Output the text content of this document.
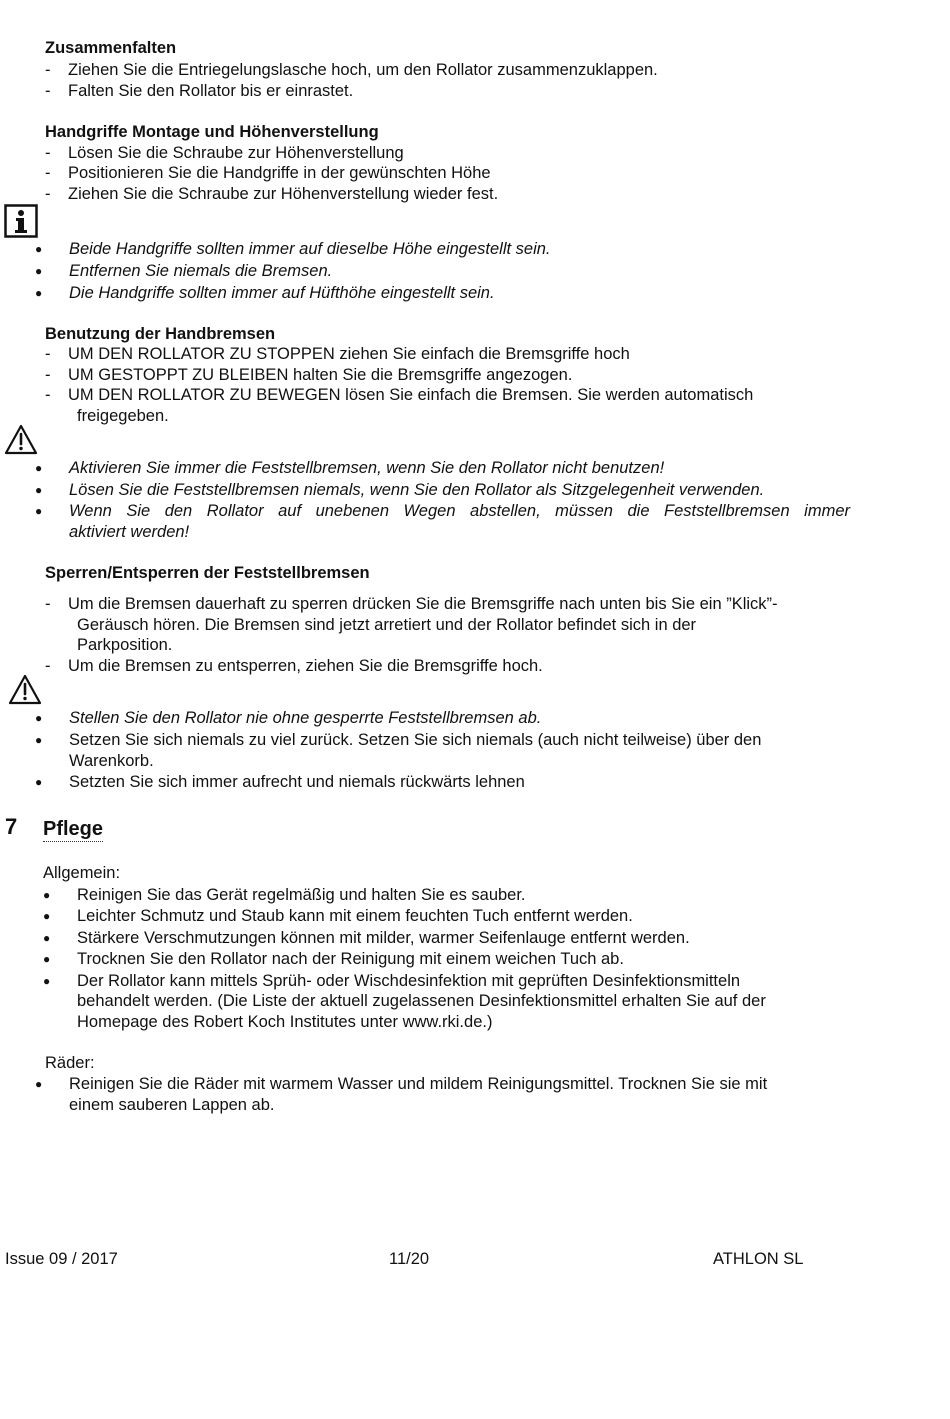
Zusammenfalten
- Ziehen Sie die Entriegelungslasche hoch, um den Rollator zusammenzuklappen.
- Falten Sie den Rollator bis er einrastet.
Handgriffe Montage und Höhenverstellung
- Lösen Sie die Schraube zur Höhenverstellung
- Positionieren Sie die Handgriffe in der gewünschten Höhe
- Ziehen Sie die Schraube zur Höhenverstellung wieder fest.
● Beide Handgriffe sollten immer auf dieselbe Höhe eingestellt sein.
● Entfernen Sie niemals die Bremsen.
● Die Handgriffe sollten immer auf Hüfthöhe eingestellt sein.
Benutzung der Handbremsen
- UM DEN ROLLATOR ZU STOPPEN ziehen Sie einfach die Bremsgriffe hoch
- UM GESTOPPT ZU BLEIBEN halten Sie die Bremsgriffe angezogen.
- UM DEN ROLLATOR ZU BEWEGEN lösen Sie einfach die Bremsen. Sie werden automatisch
freigegeben.
● Aktivieren Sie immer die Feststellbremsen, wenn Sie den Rollator nicht benutzen!
● Lösen Sie die Feststellbremsen niemals, wenn Sie den Rollator als Sitzgelegenheit verwenden.
● Wenn Sie den Rollator auf unebenen Wegen abstellen, müssen die Feststellbremsen immer
aktiviert werden!
Sperren/Entsperren der Feststellbremsen
- Um die Bremsen dauerhaft zu sperren drücken Sie die Bremsgriffe nach unten bis Sie ein ”Klick”-
Geräusch hören. Die Bremsen sind jetzt arretiert und der Rollator befindet sich in der
Parkposition.
- Um die Bremsen zu entsperren, ziehen Sie die Bremsgriffe hoch.
● Stellen Sie den Rollator nie ohne gesperrte Feststellbremsen ab.
● Setzen Sie sich niemals zu viel zurück. Setzen Sie sich niemals (auch nicht teilweise) über den
Warenkorb.
● Setzten Sie sich immer aufrecht und niemals rückwärts lehnen
7 Pflege
Allgemein:
● Reinigen Sie das Gerät regelmäßig und halten Sie es sauber.
● Leichter Schmutz und Staub kann mit einem feuchten Tuch entfernt werden.
● Stärkere Verschmutzungen können mit milder, warmer Seifenlauge entfernt werden.
● Trocknen Sie den Rollator nach der Reinigung mit einem weichen Tuch ab.
● Der Rollator kann mittels Sprüh- oder Wischdesinfektion mit geprüften Desinfektionsmitteln
behandelt werden. (Die Liste der aktuell zugelassenen Desinfektionsmittel erhalten Sie auf der
Homepage des Robert Koch Institutes unter www.rki.de.)
Räder:
● Reinigen Sie die Räder mit warmem Wasser und mildem Reinigungsmittel. Trocknen Sie sie mit
einem sauberen Lappen ab.
Issue 09 / 2017	11/20	ATHLON SL
